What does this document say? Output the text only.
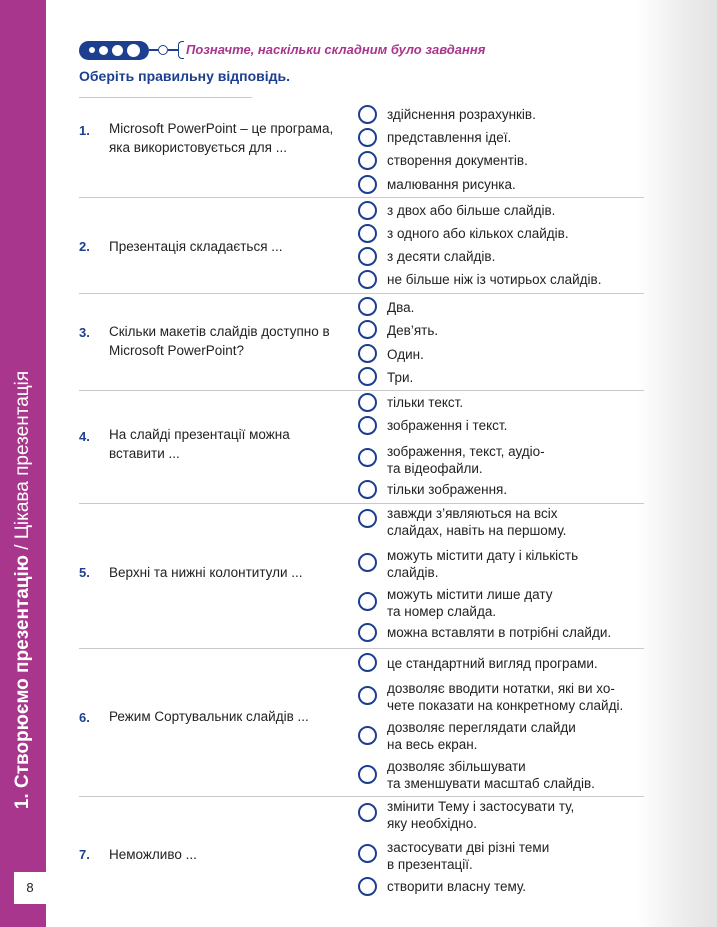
1. Створюємо презентацію / Цікава презентація
8
Позначте, наскільки складним було завдання
Оберіть правильну відповідь.
1. Microsoft PowerPoint – це програма, яка використовується для ...
здійснення розрахунків.
представлення ідеї.
створення документів.
малювання рисунка.
2. Презентація складається ...
з двох або більше слайдів.
з одного або кількох слайдів.
з десяти слайдів.
не більше ніж із чотирьох слайдів.
3. Скільки макетів слайдів доступно в Microsoft PowerPoint?
Два.
Дев’ять.
Один.
Три.
4. На слайді презентації можна вставити ...
тільки текст.
зображення і текст.
зображення, текст, аудіо-
та відеофайли.
тільки зображення.
5. Верхні та нижні колонтитули ...
завжди з’являються на всіх
слайдах, навіть на першому.
можуть містити дату і кількість
слайдів.
можуть містити лише дату
та номер слайда.
можна вставляти в потрібні слайди.
6. Режим Сортувальник слайдів ...
це стандартний вигляд програми.
дозволяє вводити нотатки, які ви хо-
чете показати на конкретному слайді.
дозволяє переглядати слайди
на весь екран.
дозволяє збільшувати
та зменшувати масштаб слайдів.
7. Неможливо ...
змінити Тему і застосувати ту,
яку необхідно.
застосувати дві різні теми
в презентації.
створити власну тему.
